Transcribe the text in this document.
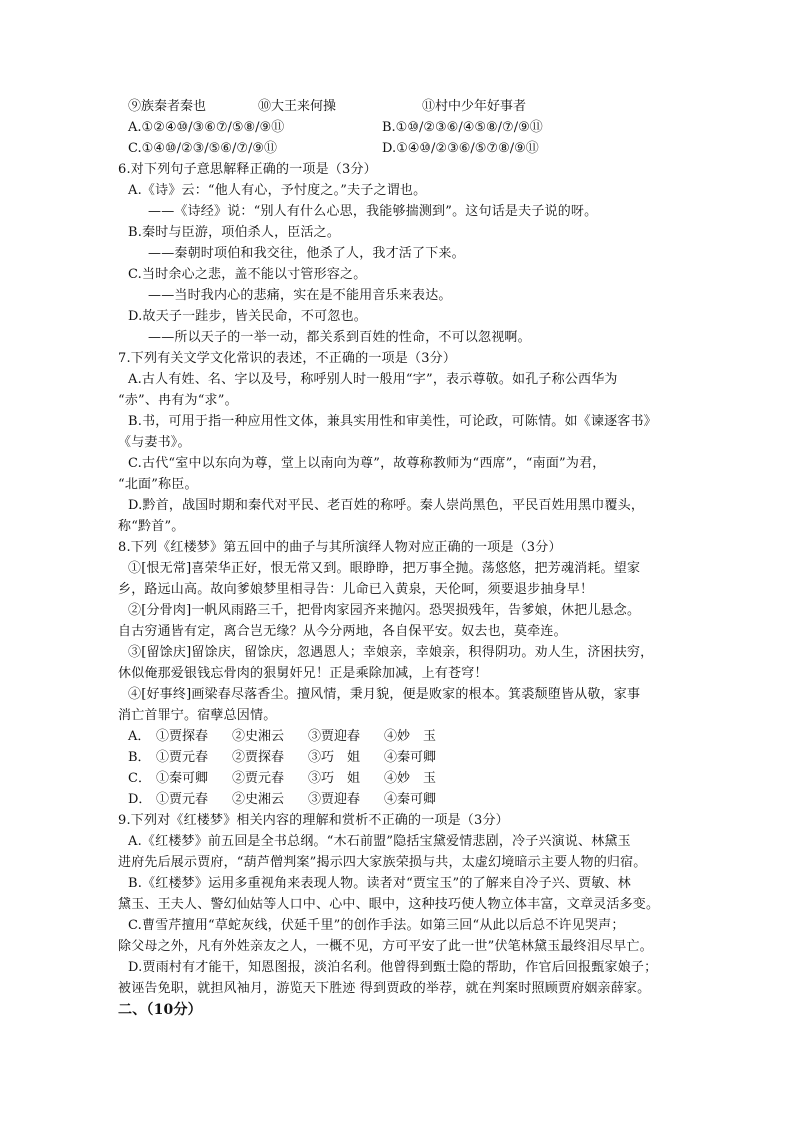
⑨族秦者秦也	⑩大王来何操	⑪村中少年好事者
A.①②④⑩/③⑥⑦/⑤⑧/⑨⑪	B.①⑩/②③⑥/④⑤⑧/⑦/⑨⑪
C.①④⑩/②③/⑤⑥/⑦/⑨⑪	D.①④⑩/②③⑥/⑤⑦⑧/⑨⑪
6.对下列句子意思解释正确的一项是（3分）
A.《诗》云：“他人有心，予忖度之。”夫子之谓也。
——《诗经》说：“别人有什么心思，我能够揣测到”。这句话是夫子说的呀。
B.秦时与臣游，项伯杀人，臣活之。
——秦朝时项伯和我交往，他杀了人，我才活了下来。
C.当时余心之悲，盖不能以寸管形容之。
——当时我内心的悲痛，实在是不能用音乐来表达。
D.故天子一跬步，皆关民命，不可忽也。
——所以天子的一举一动，都关系到百姓的性命，不可以忽视啊。
7.下列有关文学文化常识的表述，不正确的一项是（3分）
A.古人有姓、名、字以及号，称呼别人时一般用“字”，表示尊敬。如孔子称公西华为
“赤”、冉有为“求”。
B.书，可用于指一种应用性文体，兼具实用性和审美性，可论政，可陈情。如《谏逐客书》
《与妻书》。
C.古代“室中以东向为尊，堂上以南向为尊”，故尊称教师为“西席”，“南面”为君，
“北面”称臣。
D.黔首，战国时期和秦代对平民、老百姓的称呼。秦人崇尚黑色，平民百姓用黑巾覆头，
称“黔首”。
8.下列《红楼梦》第五回中的曲子与其所演绎人物对应正确的一项是（3分）
①[恨无常]喜荣华正好，恨无常又到。眼睁睁，把万事全抛。荡悠悠，把芳魂消耗。望家
乡，路远山高。故向爹娘梦里相寻告：儿命已入黄泉，天伦呵，须要退步抽身早！
②[分骨肉]一帆风雨路三千，把骨肉家园齐来抛闪。恐哭损残年，告爹娘，休把儿悬念。
自古穷通皆有定，离合岂无缘？从今分两地，各自保平安。奴去也，莫牵连。
③[留馀庆]留馀庆，留馀庆，忽遇恩人；幸娘亲，幸娘亲，积得阴功。劝人生，济困扶穷，
休似俺那爱银钱忘骨肉的狠舅奸兄！正是乘除加减，上有苍穹！
④[好事终]画梁春尽落香尘。擅风情，秉月貌，便是败家的根本。箕裘颓堕皆从敬，家事
消亡首罪宁。宿孽总因情。
A． ①贾探春 ②史湘云 ③贾迎春 ④妙　玉
B． ①贾元春 ②贾探春 ③巧　姐 ④秦可卿
C． ①秦可卿 ②贾元春 ③巧　姐 ④妙　玉
D． ①贾元春 ②史湘云 ③贾迎春 ④秦可卿
9.下列对《红楼梦》相关内容的理解和赏析不正确的一项是（3分）
A.《红楼梦》前五回是全书总纲。“木石前盟”隐括宝黛爱情悲剧，冷子兴演说、林黛玉
进府先后展示贾府，“葫芦僧判案”揭示四大家族荣损与共，太虚幻境暗示主要人物的归宿。
B.《红楼梦》运用多重视角来表现人物。读者对“贾宝玉”的了解来自冷子兴、贾敏、林
黛玉、王夫人、警幻仙姑等人口中、心中、眼中，这种技巧使人物立体丰富，文章灵活多变。
C.曹雪芹擅用“草蛇灰线，伏延千里”的创作手法。如第三回“从此以后总不许见哭声；
除父母之外，凡有外姓亲友之人，一概不见，方可平安了此一世”伏笔林黛玉最终泪尽早亡。
D.贾雨村有才能干，知恩图报，淡泊名利。他曾得到甄士隐的帮助，作官后回报甄家娘子；
被诬告免职，就担风袖月，游览天下胜迹 得到贾政的举荐，就在判案时照顾贾府姻亲薛家。
二、（10分）
